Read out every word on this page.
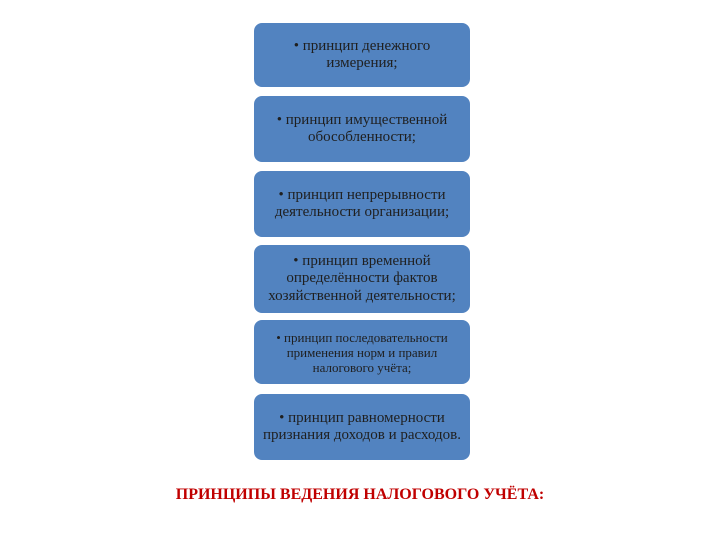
• принцип денежного измерения;
• принцип имущественной обособленности;
• принцип непрерывности деятельности организации;
• принцип временной определённости фактов хозяйственной деятельности;
• принцип последовательности применения норм и правил налогового учёта;
• принцип равномерности признания доходов и расходов.
ПРИНЦИПЫ ВЕДЕНИЯ НАЛОГОВОГО УЧЁТА:
